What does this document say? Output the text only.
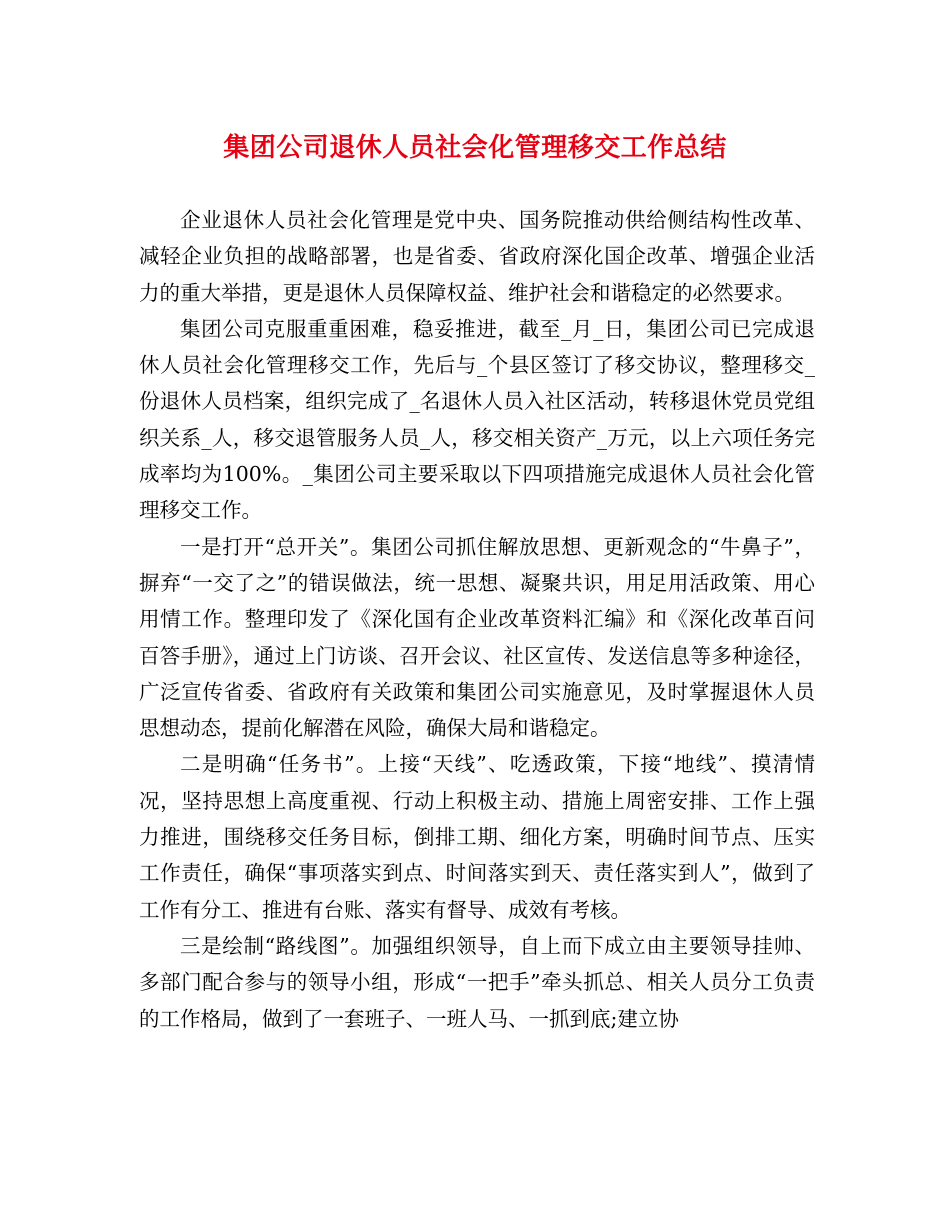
集团公司退休人员社会化管理移交工作总结

企业退休人员社会化管理是党中央、国务院推动供给侧结构性改革、减轻企业负担的战略部署，也是省委、省政府深化国企改革、增强企业活力的重大举措，更是退休人员保障权益、维护社会和谐稳定的必然要求。

集团公司克服重重困难，稳妥推进，截至_月_日，集团公司已完成退休人员社会化管理移交工作，先后与_个县区签订了移交协议，整理移交_份退休人员档案，组织完成了_名退休人员入社区活动，转移退休党员党组织关系_人，移交退管服务人员_人，移交相关资产_万元，以上六项任务完成率均为100%。_集团公司主要采取以下四项措施完成退休人员社会化管理移交工作。

一是打开“总开关”。集团公司抓住解放思想、更新观念的“牛鼻子”，摒弃“一交了之”的错误做法，统一思想、凝聚共识，用足用活政策、用心用情工作。整理印发了《深化国有企业改革资料汇编》和《深化改革百问百答手册》，通过上门访谈、召开会议、社区宣传、发送信息等多种途径，广泛宣传省委、省政府有关政策和集团公司实施意见，及时掌握退休人员思想动态，提前化解潜在风险，确保大局和谐稳定。

二是明确“任务书”。上接“天线”、吃透政策，下接“地线”、摸清情况，坚持思想上高度重视、行动上积极主动、措施上周密安排、工作上强力推进，围绕移交任务目标，倒排工期、细化方案，明确时间节点、压实工作责任，确保“事项落实到点、时间落实到天、责任落实到人”，做到了工作有分工、推进有台账、落实有督导、成效有考核。

三是绘制“路线图”。加强组织领导，自上而下成立由主要领导挂帅、多部门配合参与的领导小组，形成“一把手”牵头抓总、相关人员分工负责的工作格局，做到了一套班子、一班人马、一抓到底;建立协
